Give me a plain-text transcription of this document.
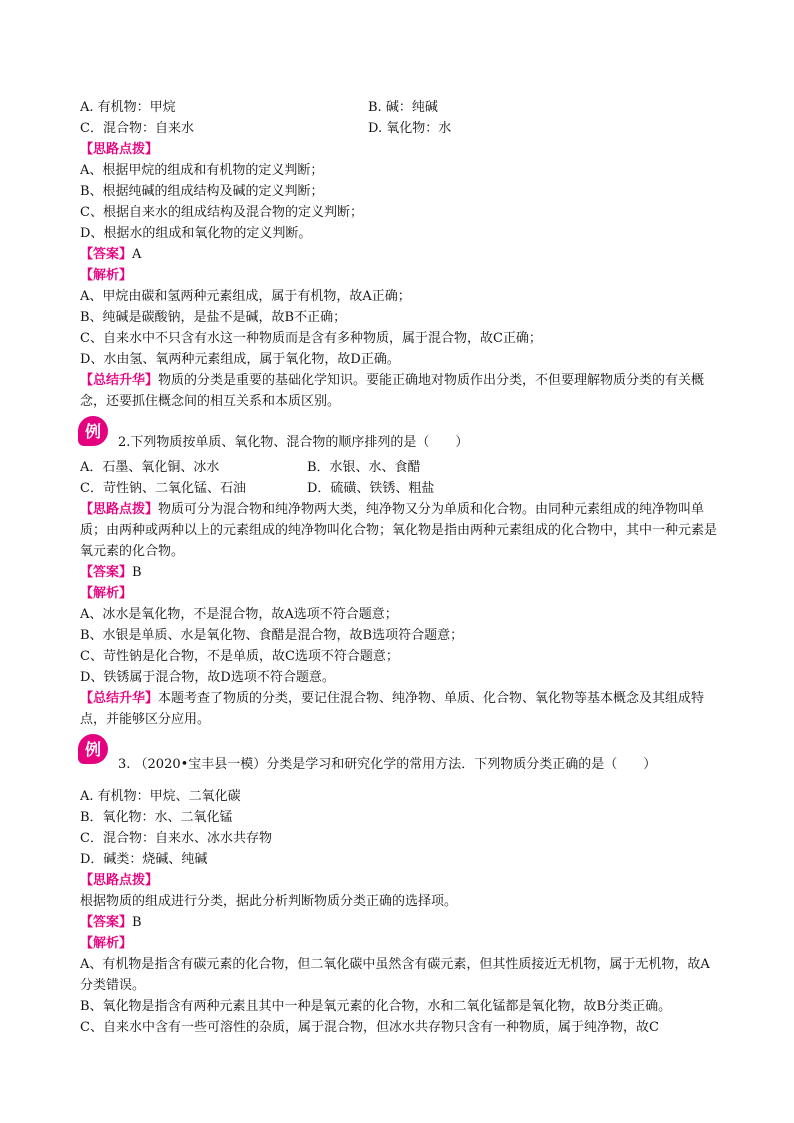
A. 有机物：甲烷	B. 碱：纯碱
C．混合物：自来水	D. 氧化物：水
【思路点拨】
A、根据甲烷的组成和有机物的定义判断；
B、根据纯碱的组成结构及碱的定义判断；
C、根据自来水的组成结构及混合物的定义判断；
D、根据水的组成和氧化物的定义判断。
【答案】A
【解析】
A、甲烷由碳和氢两种元素组成，属于有机物，故A正确；
B、纯碱是碳酸钠，是盐不是碱，故B不正确；
C、自来水中不只含有水这一种物质而是含有多种物质，属于混合物，故C正确；
D、水由氢、氧两种元素组成，属于氧化物，故D正确。
【总结升华】物质的分类是重要的基础化学知识。要能正确地对物质作出分类，不但要理解物质分类的有关概念，还要抓住概念间的相互关系和本质区别。
例
2.下列物质按单质、氧化物、混合物的顺序排列的是（　　）
A．石墨、氧化铜、冰水	B．水银、水、食醋
C．苛性钠、二氧化锰、石油	D．硫磺、铁锈、粗盐
【思路点拨】物质可分为混合物和纯净物两大类，纯净物又分为单质和化合物。由同种元素组成的纯净物叫单质；由两种或两种以上的元素组成的纯净物叫化合物；氧化物是指由两种元素组成的化合物中，其中一种元素是氧元素的化合物。
【答案】B
【解析】
A、冰水是氧化物，不是混合物，故A选项不符合题意；
B、水银是单质、水是氧化物、食醋是混合物，故B选项符合题意；
C、苛性钠是化合物，不是单质，故C选项不符合题意；
D、铁锈属于混合物，故D选项不符合题意。
【总结升华】本题考查了物质的分类，要记住混合物、纯净物、单质、化合物、氧化物等基本概念及其组成特点，并能够区分应用。
例
3. （2020•宝丰县一模）分类是学习和研究化学的常用方法．下列物质分类正确的是（　　）
A. 有机物：甲烷、二氧化碳
B．氧化物：水、二氧化锰
C．混合物：自来水、冰水共存物
D．碱类：烧碱、纯碱
【思路点拨】
根据物质的组成进行分类，据此分析判断物质分类正确的选择项。
【答案】B
【解析】
A、有机物是指含有碳元素的化合物，但二氧化碳中虽然含有碳元素，但其性质接近无机物，属于无机物，故A分类错误。
B、氧化物是指含有两种元素且其中一种是氧元素的化合物，水和二氧化锰都是氧化物，故B分类正确。
C、自来水中含有一些可溶性的杂质，属于混合物，但冰水共存物只含有一种物质，属于纯净物，故C
